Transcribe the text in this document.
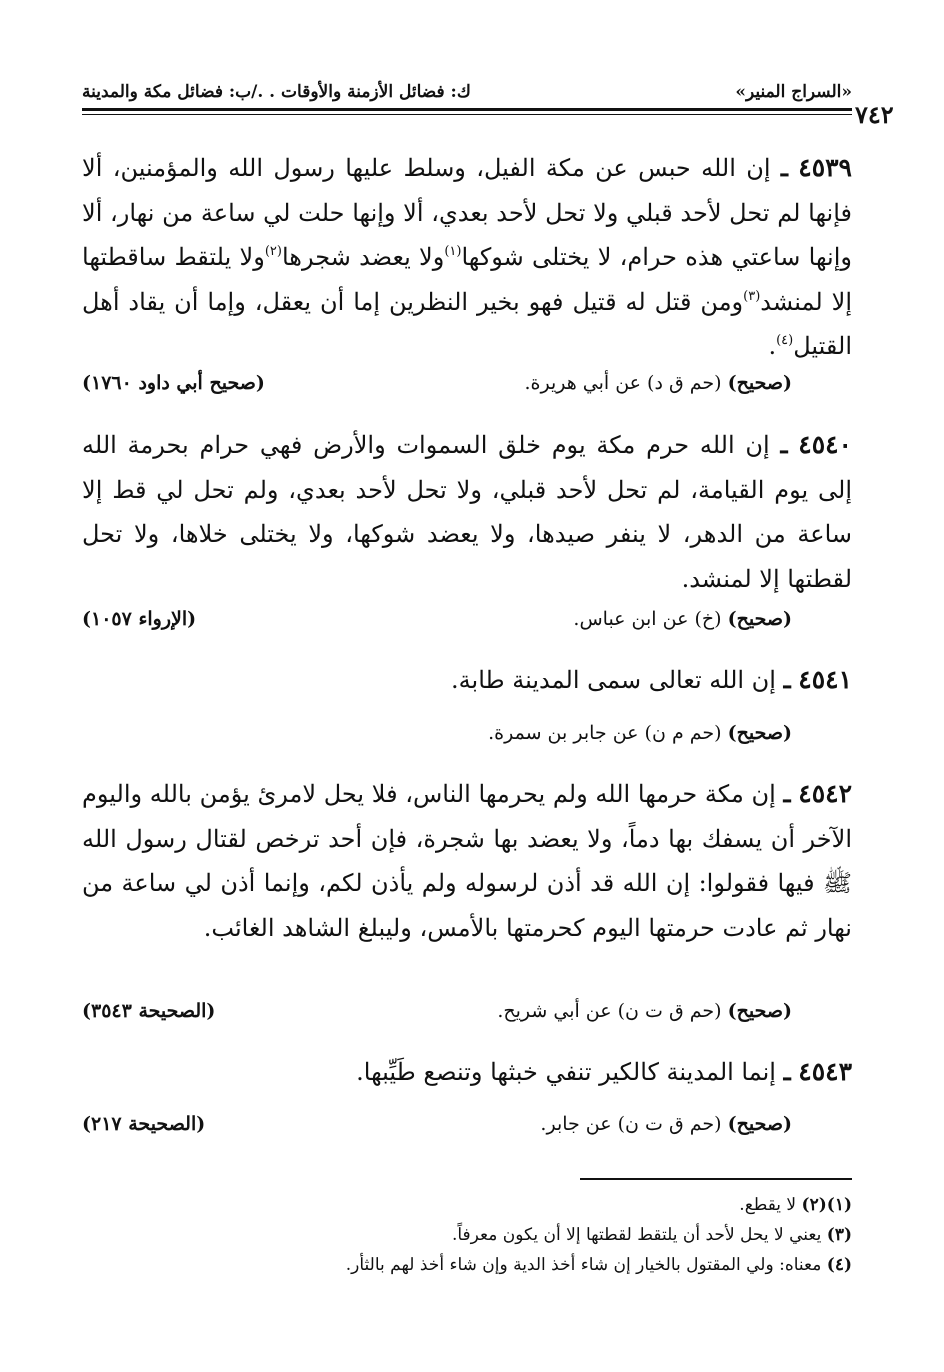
«السراج المنير»
ك: فضائل الأزمنة والأوقات . ./ب: فضائل مكة والمدينة
٧٤٢
٤٥٣٩ ـ إن الله حبس عن مكة الفيل، وسلط عليها رسول الله والمؤمنين، ألا فإنها لم تحل لأحد قبلي ولا تحل لأحد بعدي، ألا وإنها حلت لي ساعة من نهار، ألا وإنها ساعتي هذه حرام، لا يختلى شوكها$^{(١)}$ولا يعضد شجرها$^{(٢)}$ولا يلتقط ساقطتها إلا لمنشد$^{(٣)}$ومن قتل له قتيل فهو بخير النظرين إما أن يعقل، وإما أن يقاد أهل القتيل$^{(٤)}$.
(صحيح) (حم ق د) عن أبي هريرة.
(صحيح أبي داود ١٧٦٠)
٤٥٤٠ ـ إن الله حرم مكة يوم خلق السموات والأرض فهي حرام بحرمة الله إلى يوم القيامة، لم تحل لأحد قبلي، ولا تحل لأحد بعدي، ولم تحل لي قط إلا ساعة من الدهر، لا ينفر صيدها، ولا يعضد شوكها، ولا يختلى خلاها، ولا تحل لقطتها إلا لمنشد.
(صحيح) (خ) عن ابن عباس.
(الإرواء ١٠٥٧)
٤٥٤١ ـ إن الله تعالى سمى المدينة طابة.
(صحيح) (حم م ن) عن جابر بن سمرة.
٤٥٤٢ ـ إن مكة حرمها الله ولم يحرمها الناس، فلا يحل لامرئ يؤمن بالله واليوم الآخر أن يسفك بها دماً، ولا يعضد بها شجرة، فإن أحد ترخص لقتال رسول الله ﷺ فيها فقولوا: إن الله قد أذن لرسوله ولم يأذن لكم، وإنما أذن لي ساعة من نهار ثم عادت حرمتها اليوم كحرمتها بالأمس، وليبلغ الشاهد الغائب.
(صحيح) (حم ق ت ن) عن أبي شريح.
(الصحيحة ٣٥٤٣)
٤٥٤٣ ـ إنما المدينة كالكير تنفي خبثها وتنصع طَيِّبها.
(صحيح) (حم ق ت ن) عن جابر.
(الصحيحة ٢١٧)
(١)(٢) لا يقطع.
(٣) يعني لا يحل لأحد أن يلتقط لقطتها إلا أن يكون معرفاً.
(٤) معناه: ولي المقتول بالخيار إن شاء أخذ الدية وإن شاء أخذ لهم بالثأر.
